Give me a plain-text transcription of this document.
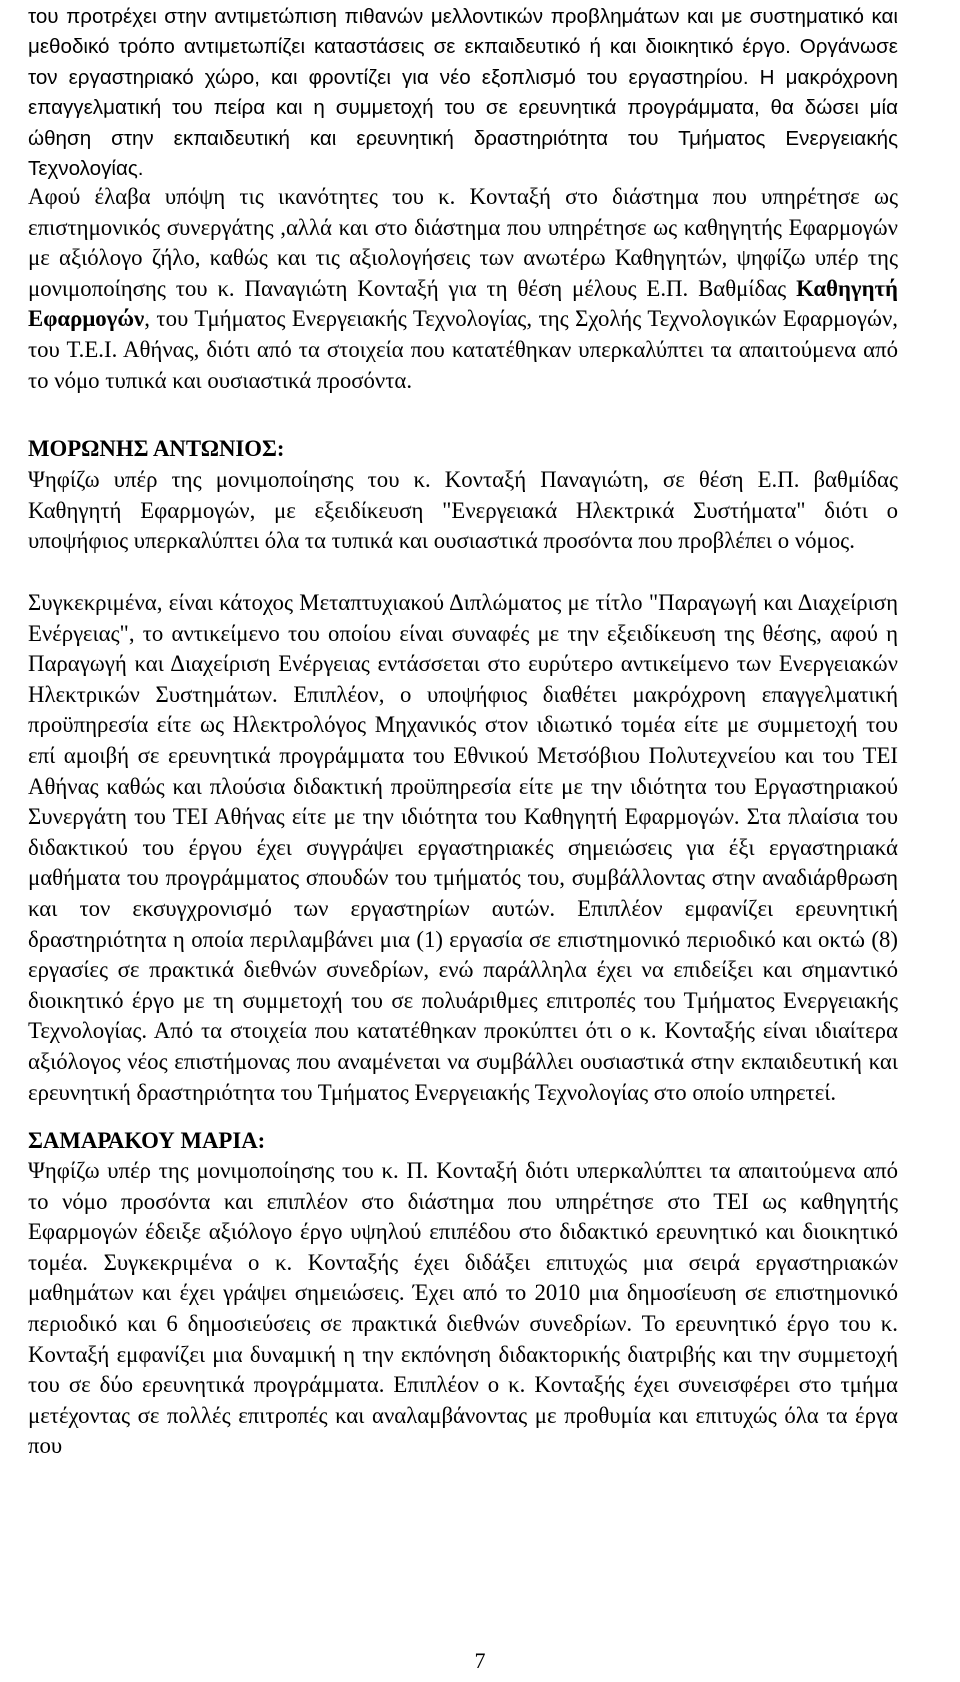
του προτρέχει στην αντιμετώπιση πιθανών μελλοντικών προβλημάτων και με συστηματικό και μεθοδικό τρόπο αντιμετωπίζει καταστάσεις σε εκπαιδευτικό ή και διοικητικό έργο. Οργάνωσε τον εργαστηριακό χώρο, και φροντίζει για νέο εξοπλισμό του εργαστηρίου. Η μακρόχρονη επαγγελματική του πείρα και η συμμετοχή του σε ερευνητικά προγράμματα, θα δώσει μία ώθηση στην εκπαιδευτική και ερευνητική δραστηριότητα του Τμήματος Ενεργειακής Τεχνολογίας.

Αφού έλαβα υπόψη τις ικανότητες του κ. Κονταξή στο διάστημα που υπηρέτησε ως επιστημονικός συνεργάτης ,αλλά και στο διάστημα που υπηρέτησε ως καθηγητής Εφαρμογών με αξιόλογο ζήλο, καθώς και τις αξιολογήσεις των ανωτέρω Καθηγητών, ψηφίζω υπέρ της μονιμοποίησης του κ. Παναγιώτη Κονταξή για τη θέση μέλους Ε.Π. Βαθμίδας Καθηγητή Εφαρμογών, του Τμήματος Ενεργειακής Τεχνολογίας, της Σχολής Τεχνολογικών Εφαρμογών, του Τ.Ε.Ι. Αθήνας, διότι από τα στοιχεία που κατατέθηκαν υπερκαλύπτει τα απαιτούμενα από το νόμο τυπικά και ουσιαστικά προσόντα.

ΜΟΡΩΝΗΣ ΑΝΤΩΝΙΟΣ:

Ψηφίζω υπέρ της μονιμοποίησης του κ. Κονταξή Παναγιώτη, σε θέση Ε.Π. βαθμίδας Καθηγητή Εφαρμογών, με εξειδίκευση "Ενεργειακά Ηλεκτρικά Συστήματα" διότι ο υποψήφιος υπερκαλύπτει όλα τα τυπικά και ουσιαστικά προσόντα που προβλέπει ο νόμος.

Συγκεκριμένα, είναι κάτοχος Μεταπτυχιακού Διπλώματος με τίτλο "Παραγωγή και Διαχείριση Ενέργειας", το αντικείμενο του οποίου είναι συναφές με την εξειδίκευση της θέσης, αφού η Παραγωγή και Διαχείριση Ενέργειας εντάσσεται στο ευρύτερο αντικείμενο των Ενεργειακών Ηλεκτρικών Συστημάτων. Επιπλέον, ο υποψήφιος διαθέτει μακρόχρονη επαγγελματική προϋπηρεσία είτε ως Ηλεκτρολόγος Μηχανικός στον ιδιωτικό τομέα είτε με συμμετοχή του επί αμοιβή σε ερευνητικά προγράμματα του Εθνικού Μετσόβιου Πολυτεχνείου και του ΤΕΙ Αθήνας καθώς και πλούσια διδακτική προϋπηρεσία είτε με την ιδιότητα του Εργαστηριακού Συνεργάτη του ΤΕΙ Αθήνας είτε με την ιδιότητα του Καθηγητή Εφαρμογών. Στα πλαίσια του διδακτικού του έργου έχει συγγράψει εργαστηριακές σημειώσεις για έξι εργαστηριακά μαθήματα του προγράμματος σπουδών του τμήματός του, συμβάλλοντας στην αναδιάρθρωση και τον εκσυγχρονισμό των εργαστηρίων αυτών. Επιπλέον εμφανίζει ερευνητική δραστηριότητα η οποία περιλαμβάνει μια (1) εργασία σε επιστημονικό περιοδικό και οκτώ (8) εργασίες σε πρακτικά διεθνών συνεδρίων, ενώ παράλληλα έχει να επιδείξει και σημαντικό διοικητικό έργο με τη συμμετοχή του σε πολυάριθμες επιτροπές του Τμήματος Ενεργειακής Τεχνολογίας. Από τα στοιχεία που κατατέθηκαν προκύπτει ότι ο κ. Κονταξής είναι ιδιαίτερα αξιόλογος νέος επιστήμονας που αναμένεται να συμβάλλει ουσιαστικά στην εκπαιδευτική και ερευνητική δραστηριότητα του Τμήματος Ενεργειακής Τεχνολογίας στο οποίο υπηρετεί.

ΣΑΜΑΡΑΚΟΥ ΜΑΡΙΑ:

Ψηφίζω υπέρ της μονιμοποίησης του κ. Π. Κονταξή διότι υπερκαλύπτει τα απαιτούμενα από το νόμο προσόντα και επιπλέον στο διάστημα που υπηρέτησε στο ΤΕΙ ως καθηγητής Εφαρμογών έδειξε αξιόλογο έργο υψηλού επιπέδου στο διδακτικό ερευνητικό και διοικητικό τομέα. Συγκεκριμένα ο κ. Κονταξής έχει διδάξει επιτυχώς μια σειρά εργαστηριακών μαθημάτων και έχει γράψει σημειώσεις. Έχει από το 2010 μια δημοσίευση σε επιστημονικό περιοδικό και 6 δημοσιεύσεις σε πρακτικά διεθνών συνεδρίων. Το ερευνητικό έργο του κ. Κονταξή εμφανίζει μια δυναμική η την εκπόνηση διδακτορικής διατριβής και την συμμετοχή του σε δύο ερευνητικά προγράμματα. Επιπλέον ο κ. Κονταξής έχει συνεισφέρει στο τμήμα μετέχοντας σε πολλές επιτροπές και αναλαμβάνοντας με προθυμία και επιτυχώς όλα τα έργα που

7
